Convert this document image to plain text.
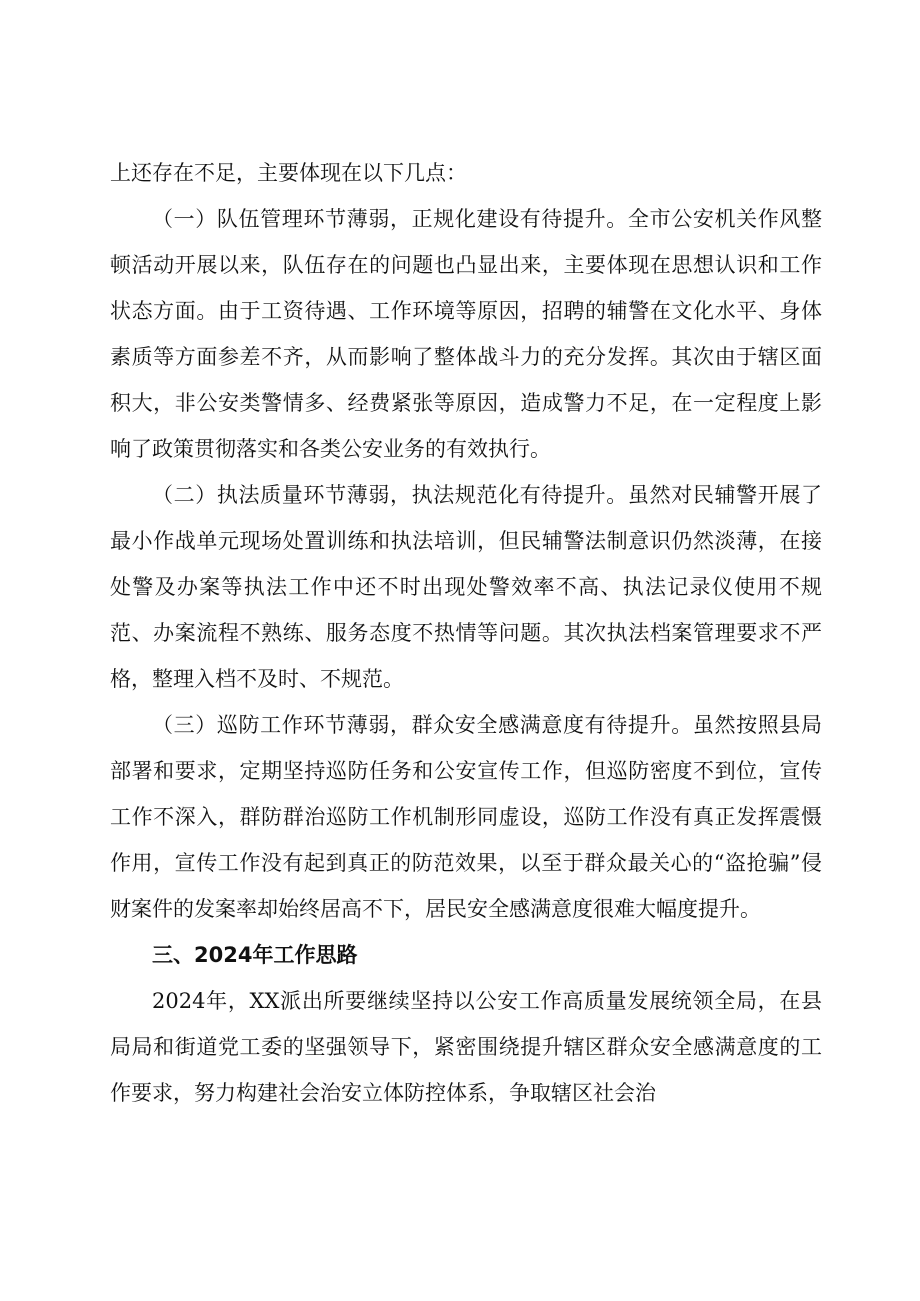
上还存在不足，主要体现在以下几点：

（一）队伍管理环节薄弱，正规化建设有待提升。全市公安机关作风整顿活动开展以来，队伍存在的问题也凸显出来，主要体现在思想认识和工作状态方面。由于工资待遇、工作环境等原因，招聘的辅警在文化水平、身体素质等方面参差不齐，从而影响了整体战斗力的充分发挥。其次由于辖区面积大，非公安类警情多、经费紧张等原因，造成警力不足，在一定程度上影响了政策贯彻落实和各类公安业务的有效执行。

（二）执法质量环节薄弱，执法规范化有待提升。虽然对民辅警开展了最小作战单元现场处置训练和执法培训，但民辅警法制意识仍然淡薄，在接处警及办案等执法工作中还不时出现处警效率不高、执法记录仪使用不规范、办案流程不熟练、服务态度不热情等问题。其次执法档案管理要求不严格，整理入档不及时、不规范。

（三）巡防工作环节薄弱，群众安全感满意度有待提升。虽然按照县局部署和要求，定期坚持巡防任务和公安宣传工作，但巡防密度不到位，宣传工作不深入，群防群治巡防工作机制形同虚设，巡防工作没有真正发挥震慑作用，宣传工作没有起到真正的防范效果，以至于群众最关心的“盗抢骗”侵财案件的发案率却始终居高不下，居民安全感满意度很难大幅度提升。

三、2024年工作思路

2024年，XX派出所要继续坚持以公安工作高质量发展统领全局，在县局局和街道党工委的坚强领导下，紧密围绕提升辖区群众安全感满意度的工作要求，努力构建社会治安立体防控体系，争取辖区社会治
